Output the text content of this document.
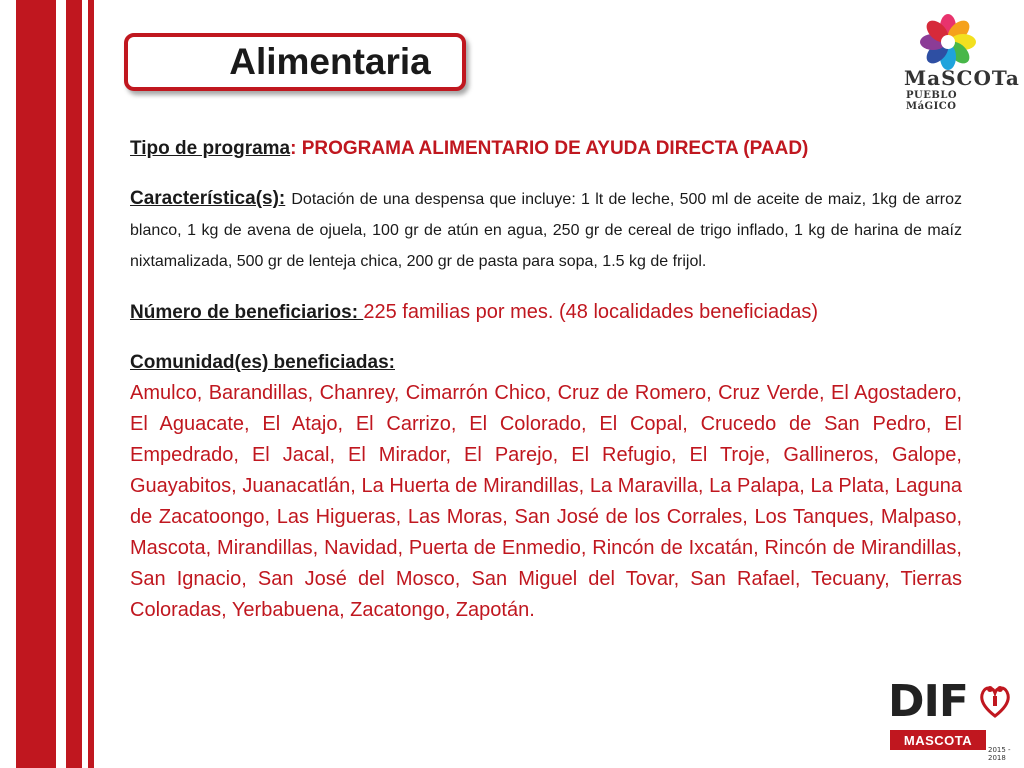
Alimentaria	MaSCOTa
PUEBLO MáGICO

Tipo de programa: PROGRAMA ALIMENTARIO DE AYUDA DIRECTA (PAAD)

Característica(s): Dotación de una despensa que incluye: 1 lt de leche, 500 ml de aceite de maiz, 1kg de arroz blanco, 1 kg de avena de ojuela, 100 gr de atún en agua, 250 gr de cereal de trigo inflado, 1 kg de harina de maíz nixtamalizada, 500 gr de lenteja chica, 200 gr de pasta para sopa, 1.5 kg de frijol.

Número de beneficiarios: 225 familias por mes. (48 localidades beneficiadas)

Comunidad(es) beneficiadas:
Amulco, Barandillas, Chanrey, Cimarrón Chico, Cruz de Romero, Cruz Verde, El Agostadero, El Aguacate, El Atajo, El Carrizo, El Colorado, El Copal, Crucedo de San Pedro, El Empedrado, El Jacal, El Mirador, El Parejo, El Refugio, El Troje, Gallineros, Galope, Guayabitos, Juanacatlán, La Huerta de Mirandillas, La Maravilla, La Palapa, La Plata, Laguna de Zacatoongo, Las Higueras, Las Moras, San José de los Corrales, Los Tanques, Malpaso, Mascota, Mirandillas, Navidad, Puerta de Enmedio, Rincón de Ixcatán, Rincón de Mirandillas, San Ignacio, San José del Mosco, San Miguel del Tovar, San Rafael, Tecuany, Tierras Coloradas, Yerbabuena, Zacatongo, Zapotán.

DIF
MASCOTA
2015 - 2018
